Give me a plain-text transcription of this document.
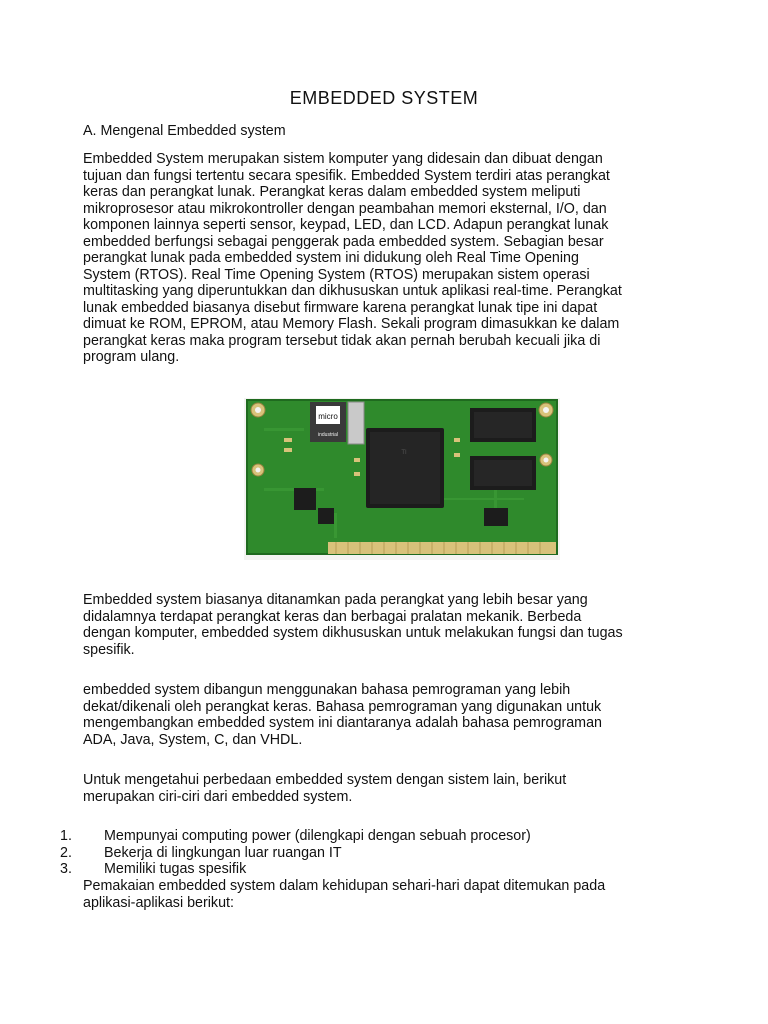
EMBEDDED SYSTEM
A. Mengenal Embedded system
Embedded System merupakan sistem komputer yang didesain dan dibuat dengan
tujuan dan fungsi tertentu secara spesifik. Embedded System terdiri atas perangkat
keras dan perangkat lunak. Perangkat keras dalam embedded system meliputi
mikroprosesor atau mikrokontroller dengan peambahan memori eksternal, I/O, dan
komponen lainnya seperti sensor, keypad, LED, dan LCD. Adapun perangkat lunak
embedded berfungsi sebagai penggerak pada embedded system. Sebagian besar
perangkat lunak pada embedded system ini didukung oleh Real Time Opening
System (RTOS). Real Time Opening System (RTOS) merupakan sistem operasi
multitasking yang diperuntukkan dan dikhususkan untuk aplikasi real-time. Perangkat
lunak embedded biasanya disebut firmware karena perangkat lunak tipe ini dapat
dimuat ke ROM, EPROM, atau Memory Flash. Sekali program dimasukkan ke dalam
perangkat keras maka program tersebut tidak akan pernah berubah kecuali jika di
program ulang.
micro
industrial
TI
Embedded system biasanya ditanamkan pada perangkat yang lebih besar yang
didalamnya terdapat perangkat keras dan berbagai pralatan mekanik. Berbeda
dengan komputer, embedded system dikhususkan untuk melakukan fungsi dan tugas
spesifik.
embedded system dibangun menggunakan bahasa pemrograman yang lebih
dekat/dikenali oleh perangkat keras. Bahasa pemrograman yang digunakan untuk
mengembangkan embedded system ini diantaranya adalah bahasa pemrograman
ADA, Java, System, C, dan VHDL.
Untuk mengetahui perbedaan embedded system dengan sistem lain, berikut
merupakan ciri-ciri dari embedded system.
1. Mempunyai computing power (dilengkapi dengan sebuah procesor)
2. Bekerja di lingkungan luar ruangan IT
3. Memiliki tugas spesifik
Pemakaian embedded system dalam kehidupan sehari-hari dapat ditemukan pada
aplikasi-aplikasi berikut:
